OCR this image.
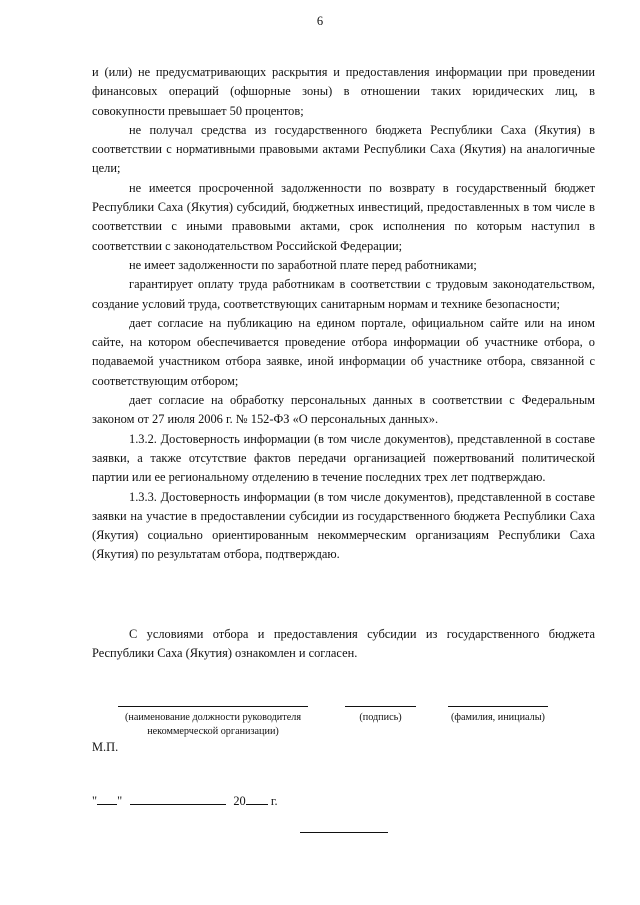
6

и (или) не предусматривающих раскрытия и предоставления информации при проведении финансовых операций (офшорные зоны) в отношении таких юридических лиц, в совокупности превышает 50 процентов;

не получал средства из государственного бюджета Республики Саха (Якутия) в соответствии с нормативными правовыми актами Республики Саха (Якутия) на аналогичные цели;

не имеется просроченной задолженности по возврату в государственный бюджет Республики Саха (Якутия) субсидий, бюджетных инвестиций, предоставленных в том числе в соответствии с иными правовыми актами, срок исполнения по которым наступил в соответствии с законодательством Российской Федерации;

не имеет задолженности по заработной плате перед работниками;

гарантирует оплату труда работникам в соответствии с трудовым законодательством, создание условий труда, соответствующих санитарным нормам и технике безопасности;

дает согласие на публикацию на едином портале, официальном сайте или на ином сайте, на котором обеспечивается проведение отбора информации об участнике отбора, о подаваемой участником отбора заявке, иной информации об участнике отбора, связанной с соответствующим отбором;

дает согласие на обработку персональных данных в соответствии с Федеральным законом от 27 июля 2006 г. № 152-ФЗ «О персональных данных».

1.3.2. Достоверность информации (в том числе документов), представленной в составе заявки, а также отсутствие фактов передачи организацией пожертвований политической партии или ее региональному отделению в течение последних трех лет подтверждаю.

1.3.3. Достоверность информации (в том числе документов), представленной в составе заявки на участие в предоставлении субсидии из государственного бюджета Республики Саха (Якутия) социально ориентированным некоммерческим организациям Республики Саха (Якутия) по результатам отбора, подтверждаю.

С условиями отбора и предоставления субсидии из государственного бюджета Республики Саха (Якутия) ознакомлен и согласен.

(наименование должности руководителя
некоммерческой организации)
(подпись)	(фамилия, инициалы)
М.П.
" "	20 г.
